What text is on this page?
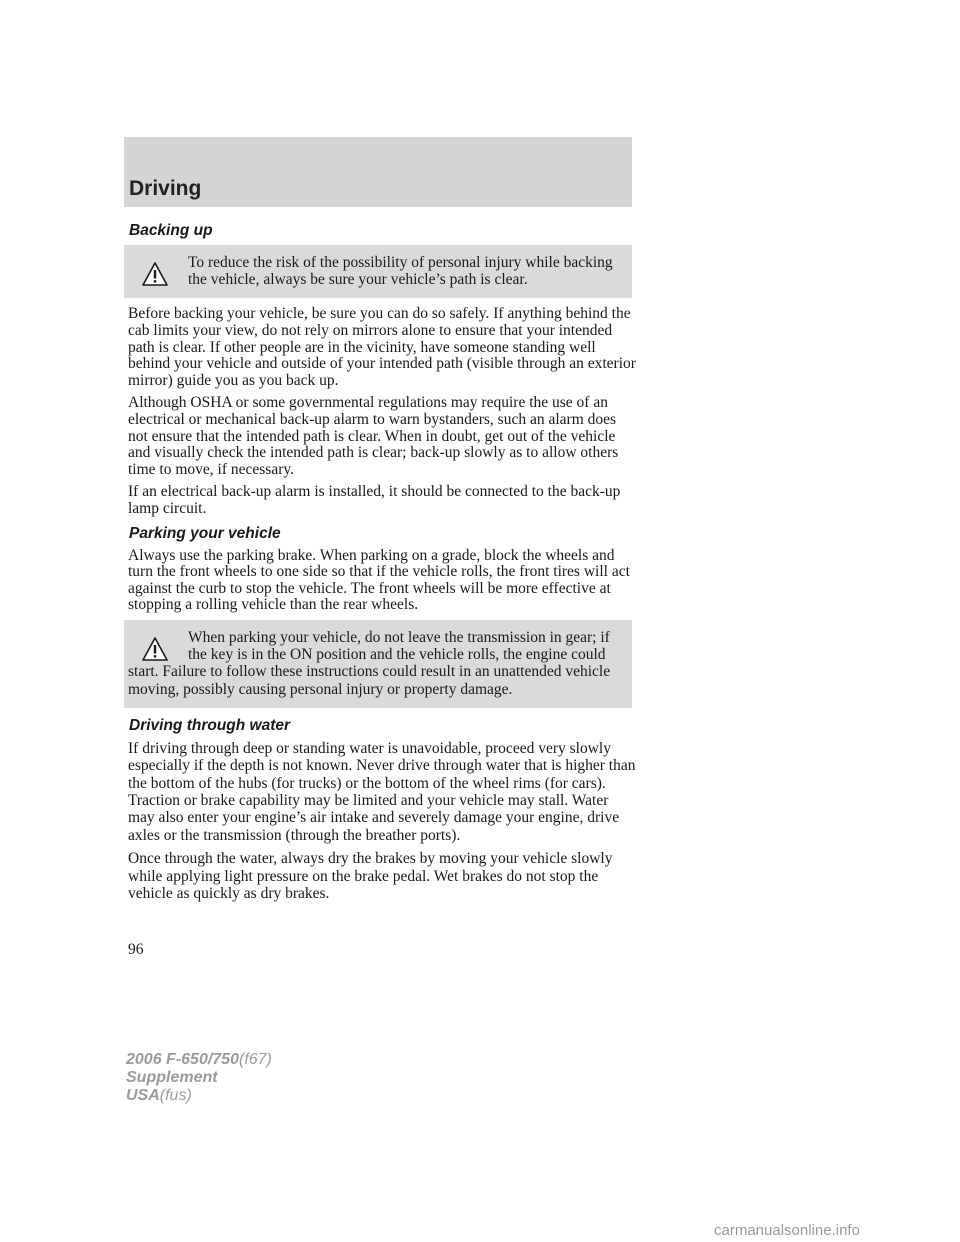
Driving
Backing up

To reduce the risk of the possibility of personal injury while backing the vehicle, always be sure your vehicle’s path is clear.

Before backing your vehicle, be sure you can do so safely. If anything behind the cab limits your view, do not rely on mirrors alone to ensure that your intended path is clear. If other people are in the vicinity, have someone standing well behind your vehicle and outside of your intended path (visible through an exterior mirror) guide you as you back up.

Although OSHA or some governmental regulations may require the use of an electrical or mechanical back-up alarm to warn bystanders, such an alarm does not ensure that the intended path is clear. When in doubt, get out of the vehicle and visually check the intended path is clear; back-up slowly as to allow others time to move, if necessary.

If an electrical back-up alarm is installed, it should be connected to the back-up lamp circuit.

Parking your vehicle

Always use the parking brake. When parking on a grade, block the wheels and turn the front wheels to one side so that if the vehicle rolls, the front tires will act against the curb to stop the vehicle. The front wheels will be more effective at stopping a rolling vehicle than the rear wheels.

When parking your vehicle, do not leave the transmission in gear; if the key is in the ON position and the vehicle rolls, the engine could start. Failure to follow these instructions could result in an unattended vehicle moving, possibly causing personal injury or property damage.

Driving through water

If driving through deep or standing water is unavoidable, proceed very slowly especially if the depth is not known. Never drive through water that is higher than the bottom of the hubs (for trucks) or the bottom of the wheel rims (for cars). Traction or brake capability may be limited and your vehicle may stall. Water may also enter your engine’s air intake and severely damage your engine, drive axles or the transmission (through the breather ports).

Once through the water, always dry the brakes by moving your vehicle slowly while applying light pressure on the brake pedal. Wet brakes do not stop the vehicle as quickly as dry brakes.

96

2006 F-650/750(f67)
Supplement
USA(fus)
carmanualsonline.info
